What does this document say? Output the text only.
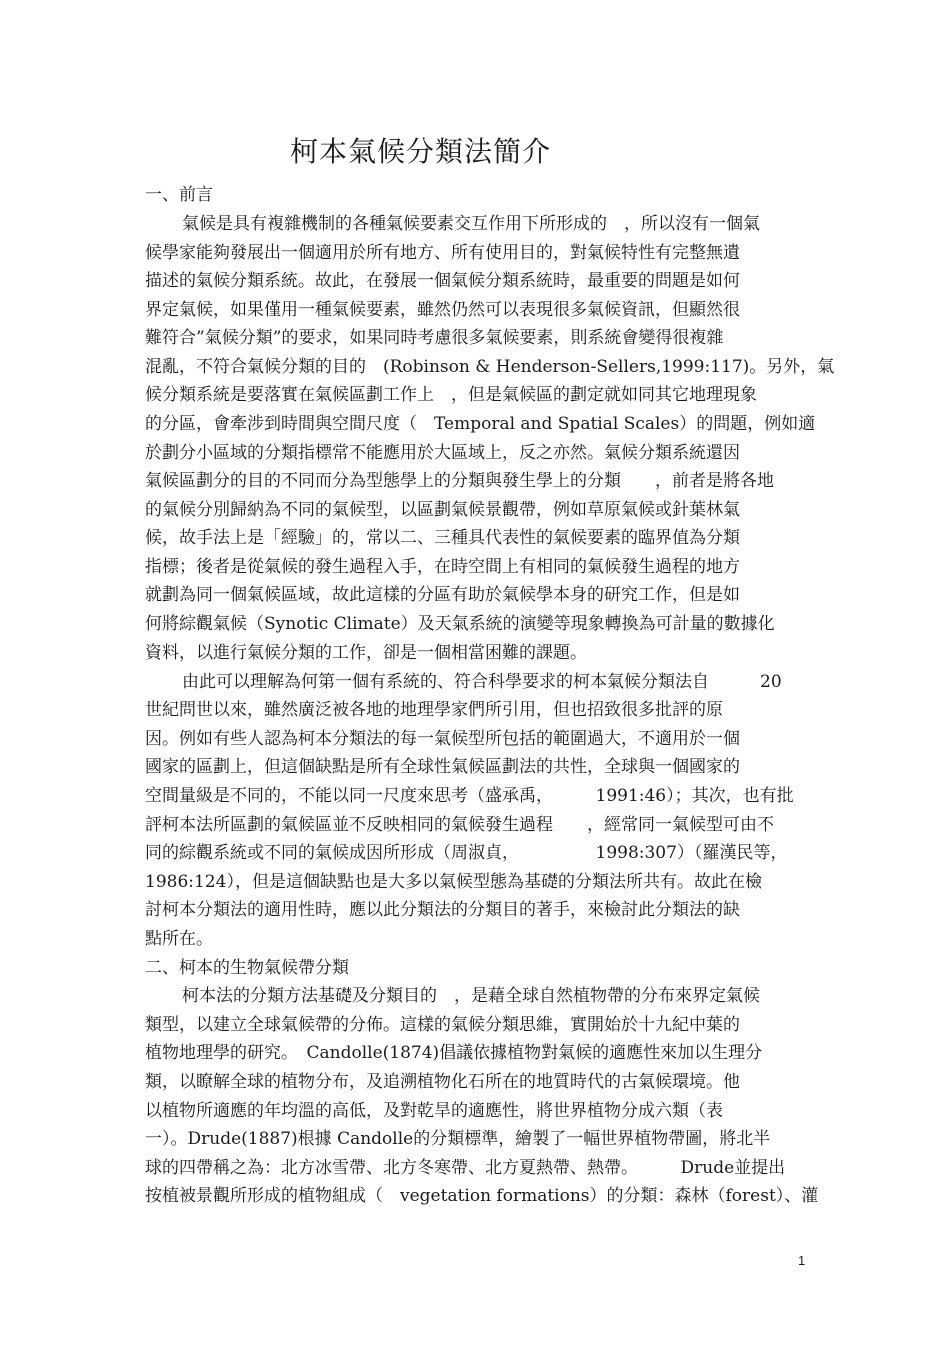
柯本氣候分類法簡介
一、前言

氣候是具有複雜機制的各種氣候要素交互作用下所形成的　，所以沒有一個氣

候學家能夠發展出一個適用於所有地方、所有使用目的，對氣候特性有完整無遺

描述的氣候分類系統。故此，在發展一個氣候分類系統時，最重要的問題是如何

界定氣候，如果僅用一種氣候要素，雖然仍然可以表現很多氣候資訊，但顯然很

難符合”氣候分類”的要求，如果同時考慮很多氣候要素，則系統會變得很複雜

混亂，不符合氣候分類的目的　(Robinson & Henderson-Sellers,1999:117)。另外，氣

候分類系統是要落實在氣候區劃工作上　，但是氣候區的劃定就如同其它地理現象

的分區，會牽涉到時間與空間尺度（　Temporal and Spatial Scales）的問題，例如適

於劃分小區域的分類指標常不能應用於大區域上，反之亦然。氣候分類系統還因

氣候區劃分的目的不同而分為型態學上的分類與發生學上的分類　　，前者是將各地

的氣候分別歸納為不同的氣候型，以區劃氣候景觀帶，例如草原氣候或針葉林氣

候，故手法上是「經驗」的，常以二、三種具代表性的氣候要素的臨界值為分類

指標；後者是從氣候的發生過程入手，在時空間上有相同的氣候發生過程的地方

就劃為同一個氣候區域，故此這樣的分區有助於氣候學本身的研究工作，但是如

何將綜觀氣候（Synotic Climate）及天氣系統的演變等現象轉換為可計量的數據化

資料，以進行氣候分類的工作，卻是一個相當困難的課題。

由此可以理解為何第一個有系統的、符合科學要求的柯本氣候分類法自　　　20

世紀問世以來，雖然廣泛被各地的地理學家們所引用，但也招致很多批評的原

因。例如有些人認為柯本分類法的每一氣候型所包括的範圍過大，不適用於一個

國家的區劃上，但這個缺點是所有全球性氣候區劃法的共性，全球與一個國家的

空間量級是不同的，不能以同一尺度來思考（盛承禹，　　　1991:46）；其次，也有批

評柯本法所區劃的氣候區並不反映相同的氣候發生過程　　，經常同一氣候型可由不

同的綜觀系統或不同的氣候成因所形成（周淑貞，　　　　　1998:307）（羅漢民等，

1986:124），但是這個缺點也是大多以氣候型態為基礎的分類法所共有。故此在檢

討柯本分類法的適用性時，應以此分類法的分類目的著手，來檢討此分類法的缺

點所在。

二、柯本的生物氣候帶分類

柯本法的分類方法基礎及分類目的　，是藉全球自然植物帶的分布來界定氣候

類型，以建立全球氣候帶的分佈。這樣的氣候分類思維，實開始於十九紀中葉的

植物地理學的研究。　Candolle(1874)倡議依據植物對氣候的適應性來加以生理分

類，以瞭解全球的植物分布，及追溯植物化石所在的地質時代的古氣候環境。他

以植物所適應的年均溫的高低，及對乾旱的適應性，將世界植物分成六類（表

一）。Drude(1887)根據 Candolle的分類標準，繪製了一幅世界植物帶圖，將北半

球的四帶稱之為：北方冰雪帶、北方冬寒帶、北方夏熱帶、熱帶。　　　Drude並提出

按植被景觀所形成的植物組成（　vegetation formations）的分類：森林（forest）、灌

1
